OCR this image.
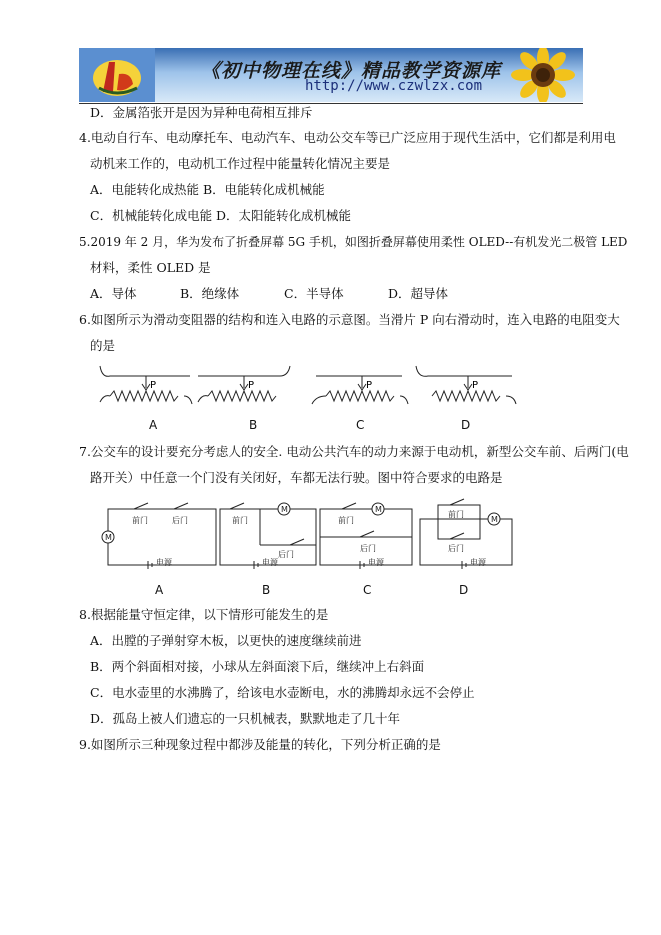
《初中物理在线》精品教学资源库
http://www.czwlzx.com
D．金属箔张开是因为异种电荷相互排斥
4.电动自行车、电动摩托车、电动汽车、电动公交车等已广泛应用于现代生活中，它们都是利用电
动机来工作的，电动机工作过程中能量转化情况主要是
A．电能转化成热能 B．电能转化成机械能
C．机械能转化成电能 D．太阳能转化成机械能
5.2019 年 2 月，华为发布了折叠屏幕 5G 手机，如图折叠屏幕使用柔性 OLED--有机发光二极管 LED
材料，柔性 OLED 是
A．导体	B．绝缘体	C．半导体	D．超导体
6.如图所示为滑动变阻器的结构和连入电路的示意图。当滑片 P 向右滑动时，连入电路的电阻变大
的是
P	P	P	P
A	B	C	D
7.公交车的设计要充分考虑人的安全. 电动公共汽车的动力来源于电动机，新型公交车前、后两门(电
路开关）中任意一个门没有关闭好，车都无法行驶。图中符合要求的电路是
前门	后门
M
电源
前门
M
后门
电源
前门
M
后门
电源
前门
后门
M
电源
A	B	C	D
8.根据能量守恒定律，以下情形可能发生的是
A．出膛的子弹射穿木板，以更快的速度继续前进
B．两个斜面相对接，小球从左斜面滚下后，继续冲上右斜面
C．电水壶里的水沸腾了，给该电水壶断电，水的沸腾却永远不会停止
D．孤岛上被人们遗忘的一只机械表，默默地走了几十年
9.如图所示三种现象过程中都涉及能量的转化，下列分析正确的是
